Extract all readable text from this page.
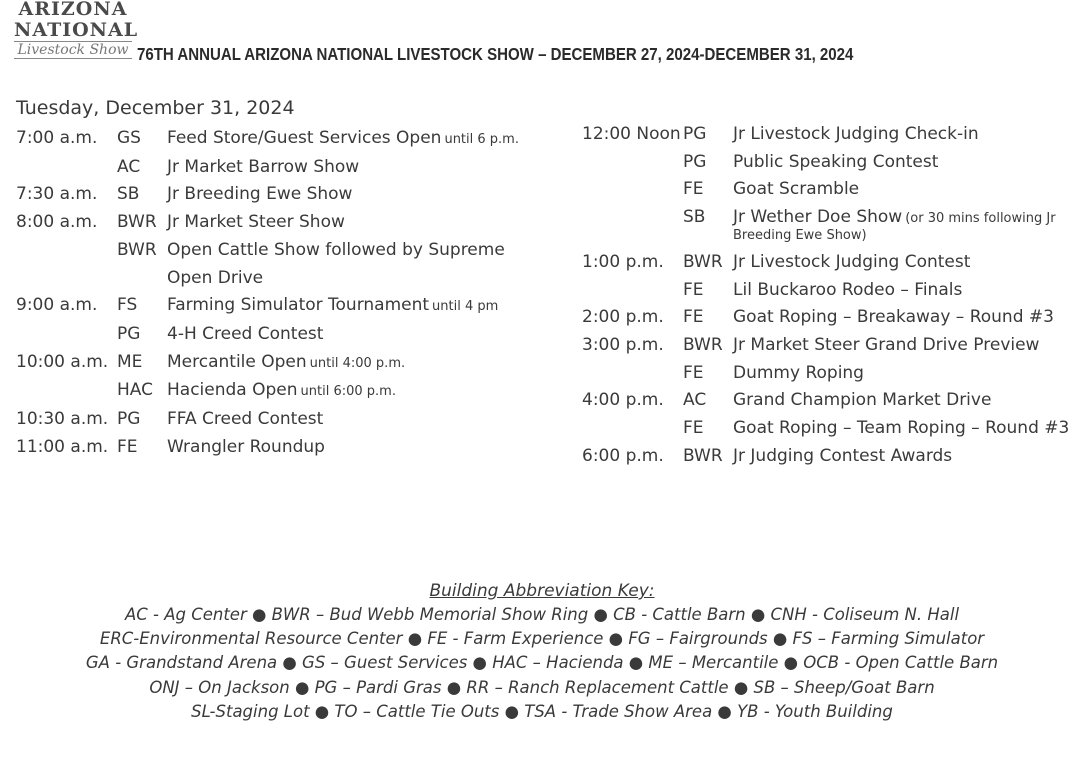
ARIZONA
NATIONAL
Livestock Show 76TH ANNUAL ARIZONA NATIONAL LIVESTOCK SHOW – DECEMBER 27, 2024-DECEMBER 31, 2024
Tuesday, December 31, 2024
7:00 a.m.	GS	Feed Store/Guest Services Open until 6 p.m.
AC	Jr Market Barrow Show
7:30 a.m.	SB	Jr Breeding Ewe Show
8:00 a.m.	BWR Jr Market Steer Show
BWR Open Cattle Show followed by Supreme
Open Drive
9:00 a.m.	FS	Farming Simulator Tournament until 4 pm
PG	4-H Creed Contest
10:00 a.m. ME	Mercantile Open until 4:00 p.m.
HAC Hacienda Open until 6:00 p.m.
10:30 a.m. PG	FFA Creed Contest
11:00 a.m. FE	Wrangler Roundup
12:00 Noon PG	Jr Livestock Judging Check-in
PG	Public Speaking Contest
FE	Goat Scramble
SB	Jr Wether Doe Show (or 30 mins following Jr
Breeding Ewe Show)
1:00 p.m.	BWR Jr Livestock Judging Contest
FE	Lil Buckaroo Rodeo – Finals
2:00 p.m.	FE	Goat Roping – Breakaway – Round #3
3:00 p.m.	BWR Jr Market Steer Grand Drive Preview
FE	Dummy Roping
4:00 p.m.	AC	Grand Champion Market Drive
FE	Goat Roping – Team Roping – Round #3
6:00 p.m.	BWR Jr Judging Contest Awards
Building Abbreviation Key:
AC - Ag Center ● BWR – Bud Webb Memorial Show Ring ● CB - Cattle Barn ● CNH - Coliseum N. Hall
ERC-Environmental Resource Center ● FE - Farm Experience ● FG – Fairgrounds ● FS – Farming Simulator
GA - Grandstand Arena ● GS – Guest Services ● HAC – Hacienda ● ME – Mercantile ● OCB - Open Cattle Barn
ONJ – On Jackson ● PG – Pardi Gras ● RR – Ranch Replacement Cattle ● SB – Sheep/Goat Barn
SL-Staging Lot ● TO – Cattle Tie Outs ● TSA - Trade Show Area ● YB - Youth Building
